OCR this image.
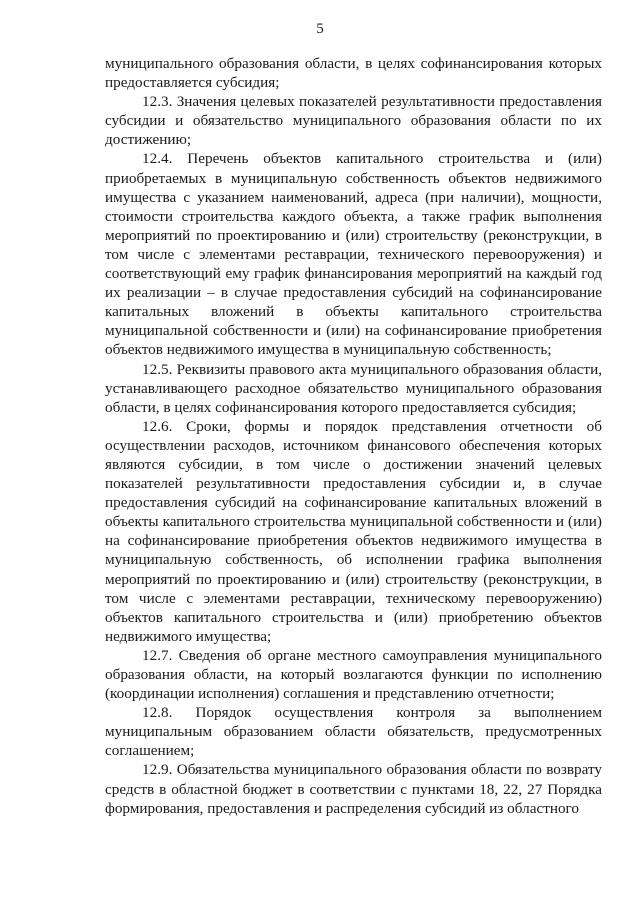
5

муниципального образования области, в целях софинансирования которых предоставляется субсидия;

12.3. Значения целевых показателей результативности предоставления субсидии и обязательство муниципального образования области по их достижению;

12.4. Перечень объектов капитального строительства и (или) приобретаемых в муниципальную собственность объектов недвижимого имущества с указанием наименований, адреса (при наличии), мощности, стоимости строительства каждого объекта, а также график выполнения мероприятий по проектированию и (или) строительству (реконструкции, в том числе с элементами реставрации, технического перевооружения) и соответствующий ему график финансирования мероприятий на каждый год их реализации – в случае предоставления субсидий на софинансирование капитальных вложений в объекты капитального строительства муниципальной собственности и (или) на софинансирование приобретения объектов недвижимого имущества в муниципальную собственность;

12.5. Реквизиты правового акта муниципального образования области, устанавливающего расходное обязательство муниципального образования области, в целях софинансирования которого предоставляется субсидия;

12.6. Сроки, формы и порядок представления отчетности об осуществлении расходов, источником финансового обеспечения которых являются субсидии, в том числе о достижении значений целевых показателей результативности предоставления субсидии и, в случае предоставления субсидий на софинансирование капитальных вложений в объекты капитального строительства муниципальной собственности и (или) на софинансирование приобретения объектов недвижимого имущества в муниципальную собственность, об исполнении графика выполнения мероприятий по проектированию и (или) строительству (реконструкции, в том числе с элементами реставрации, техническому перевооружению) объектов капитального строительства и (или) приобретению объектов недвижимого имущества;

12.7. Сведения об органе местного самоуправления муниципального образования области, на который возлагаются функции по исполнению (координации исполнения) соглашения и представлению отчетности;

12.8. Порядок осуществления контроля за выполнением муниципальным образованием области обязательств, предусмотренных соглашением;

12.9. Обязательства муниципального образования области по возврату средств в областной бюджет в соответствии с пунктами 18, 22, 27 Порядка формирования, предоставления и распределения субсидий из областного
